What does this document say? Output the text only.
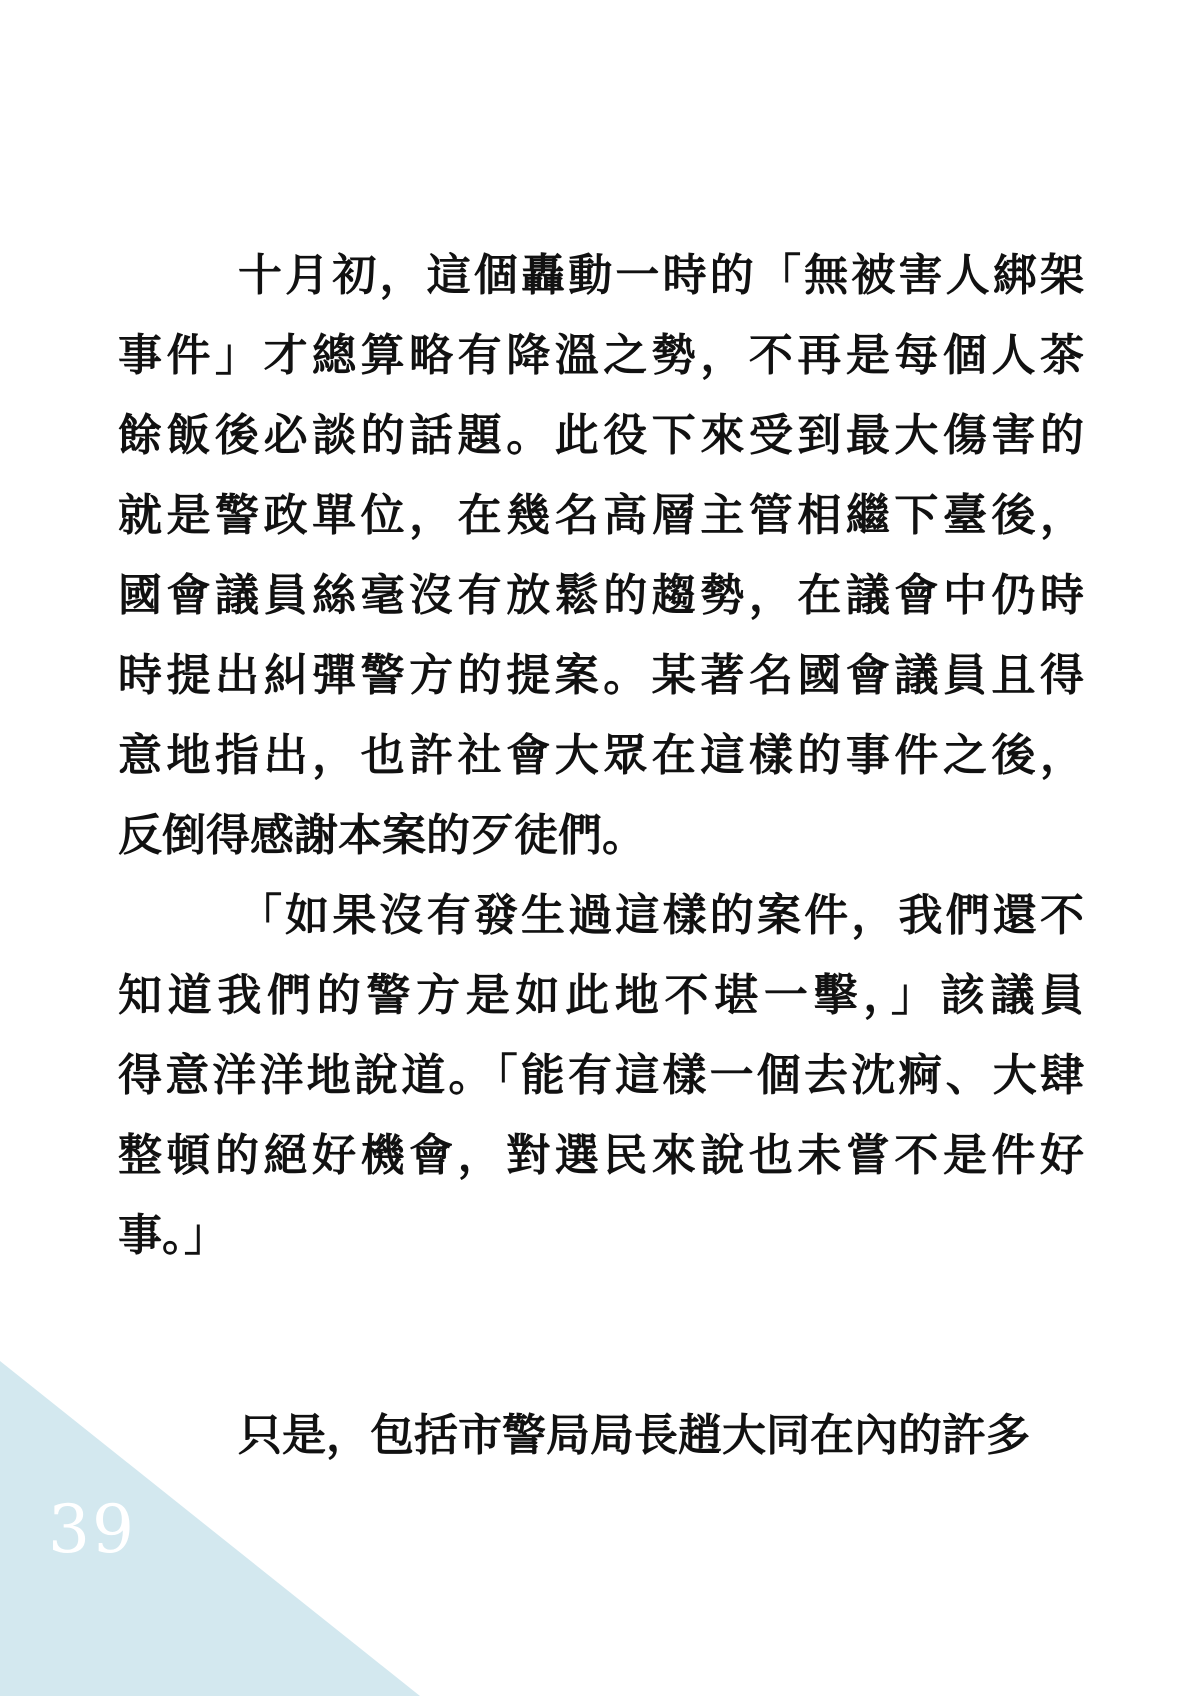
39
十月初，這個轟動一時的「無被害人綁架
事件」才總算略有降溫之勢，不再是每個人茶
餘飯後必談的話題。此役下來受到最大傷害的
就是警政單位，在幾名高層主管相繼下臺後，
國會議員絲毫沒有放鬆的趨勢，在議會中仍時
時提出糾彈警方的提案。某著名國會議員且得
意地指出，也許社會大眾在這樣的事件之後，
反倒得感謝本案的歹徒們。
「如果沒有發生過這樣的案件，我們還不
知道我們的警方是如此地不堪一擊，」該議員
得意洋洋地說道。「能有這樣一個去沈痾、大肆
整頓的絕好機會，對選民來說也未嘗不是件好
事。」
只是，包括市警局局長趙大同在內的許多
